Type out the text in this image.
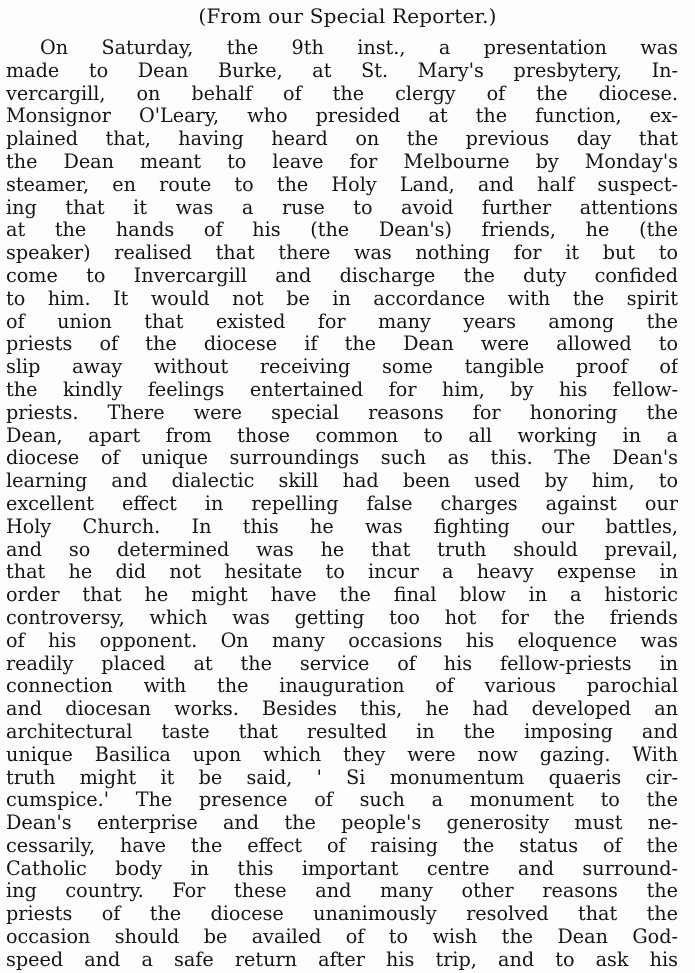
(From our Special Reporter.)
On Saturday, the 9th inst., a presentation was
made to Dean Burke, at St. Mary's presbytery, In-
vercargill, on behalf of the clergy of the diocese.
Monsignor O'Leary, who presided at the function, ex-
plained that, having heard on the previous day that
the Dean meant to leave for Melbourne by Monday's
steamer, en route to the Holy Land, and half suspect-
ing that it was a ruse to avoid further attentions
at the hands of his (the Dean's) friends, he (the
speaker) realised that there was nothing for it but to
come to Invercargill and discharge the duty confided
to him. It would not be in accordance with the spirit
of union that existed for many years among the
priests of the diocese if the Dean were allowed to
slip away without receiving some tangible proof of
the kindly feelings entertained for him, by his fellow-
priests. There were special reasons for honoring the
Dean, apart from those common to all working in a
diocese of unique surroundings such as this. The Dean's
learning and dialectic skill had been used by him, to
excellent effect in repelling false charges against our
Holy Church. In this he was fighting our battles,
and so determined was he that truth should prevail,
that he did not hesitate to incur a heavy expense in
order that he might have the final blow in a historic
controversy, which was getting too hot for the friends
of his opponent. On many occasions his eloquence was
readily placed at the service of his fellow-priests in
connection with the inauguration of various parochial
and diocesan works. Besides this, he had developed an
architectural taste that resulted in the imposing and
unique Basilica upon which they were now gazing. With
truth might it be said, ' Si monumentum quaeris cir-
cumspice.' The presence of such a monument to the
Dean's enterprise and the people's generosity must ne-
cessarily, have the effect of raising the status of the
Catholic body in this important centre and surround-
ing country. For these and many other reasons the
priests of the diocese unanimously resolved that the
occasion should be availed of to wish the Dean God-
speed and a safe return after his trip, and to ask his
